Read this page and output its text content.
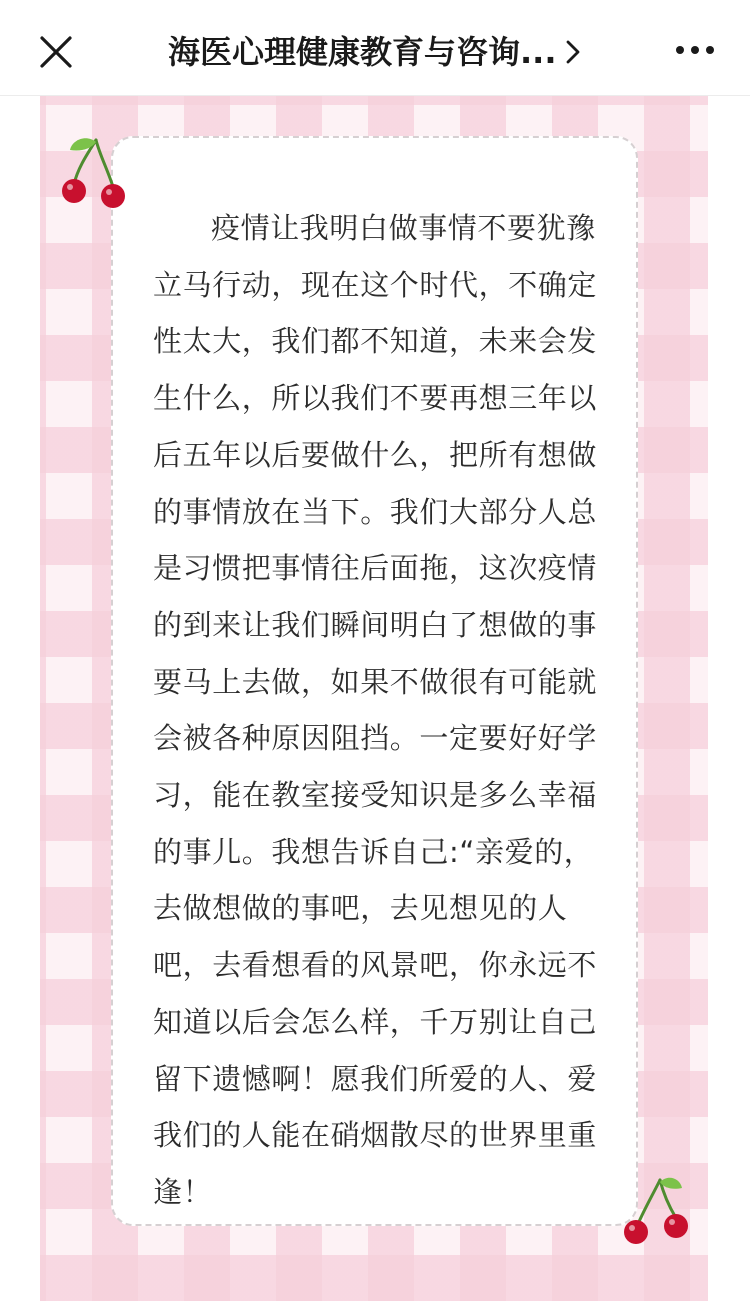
海医心理健康教育与咨询...

疫情让我明白做事情不要犹豫立马行动，现在这个时代，不确定性太大，我们都不知道，未来会发生什么，所以我们不要再想三年以后五年以后要做什么，把所有想做的事情放在当下。我们大部分人总是习惯把事情往后面拖，这次疫情的到来让我们瞬间明白了想做的事要马上去做，如果不做很有可能就会被各种原因阻挡。一定要好好学习，能在教室接受知识是多么幸福的事儿。我想告诉自己:“亲爱的，去做想做的事吧，去见想见的人吧，去看想看的风景吧，你永远不知道以后会怎么样，千万别让自己留下遗憾啊！愿我们所爱的人、爱我们的人能在硝烟散尽的世界里重逢！
